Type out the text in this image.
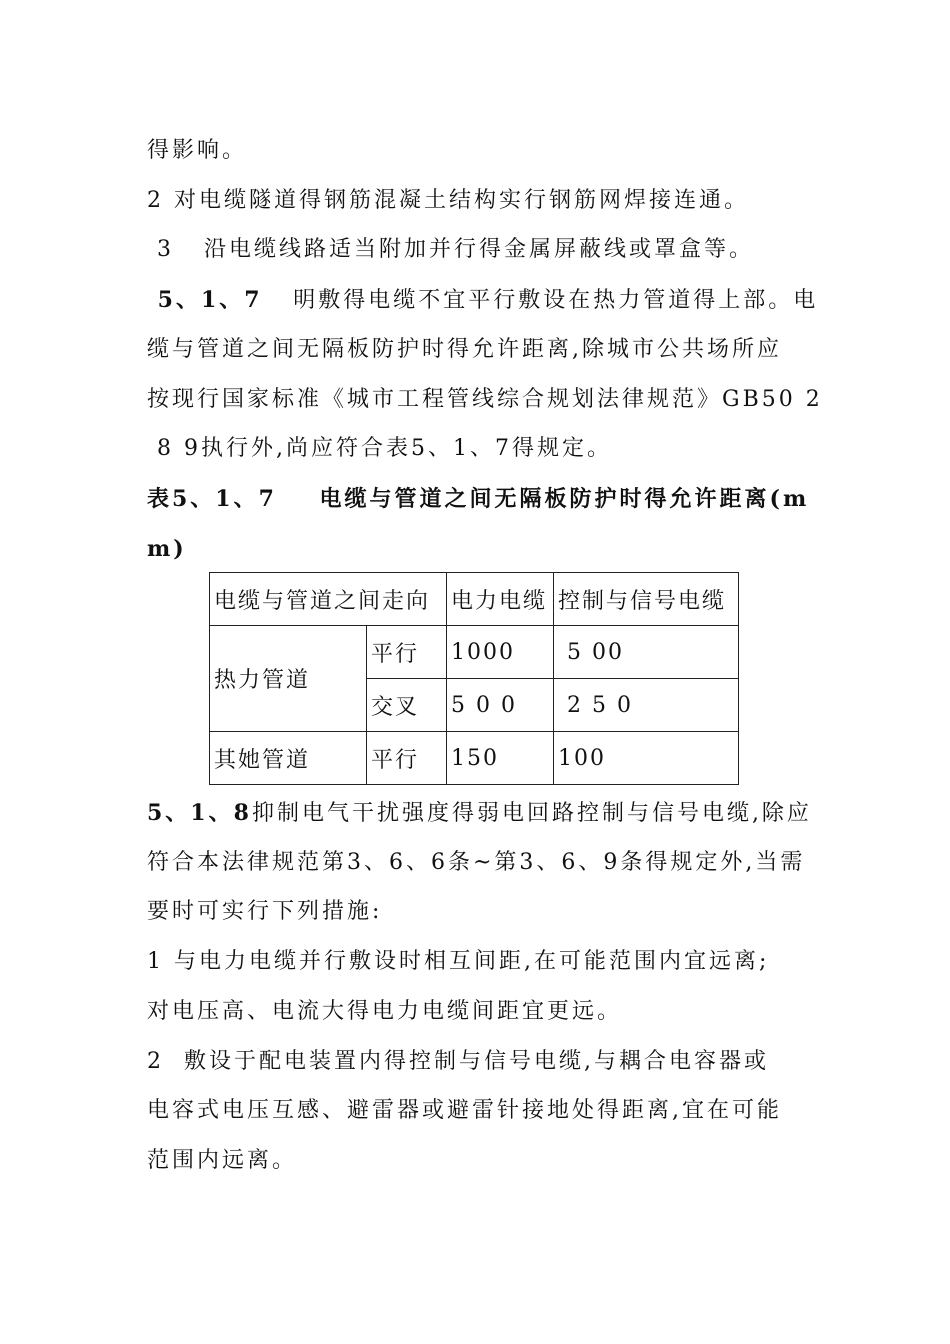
得影响。

2 对电缆隧道得钢筋混凝土结构实行钢筋网焊接连通。

3   沿电缆线路适当附加并行得金属屏蔽线或罩盒等。

5、1、7   明敷得电缆不宜平行敷设在热力管道得上部。电

缆与管道之间无隔板防护时得允许距离,除城市公共场所应

按现行国家标准《城市工程管线综合规划法律规范》GB50 2

8 9执行外,尚应符合表5、1、7得规定。

表5、1、7    电缆与管道之间无隔板防护时得允许距离(m

m)

电缆与管道之间走向		电力电缆	控制与信号电缆
热力管道	平行	1000	5 00
	交叉	5 0 0	2 5 0
其她管道	平行	150	100

5、1、8抑制电气干扰强度得弱电回路控制与信号电缆,除应

符合本法律规范第3、6、6条~第3、6、9条得规定外,当需

要时可实行下列措施:

1 与电力电缆并行敷设时相互间距,在可能范围内宜远离;

对电压高、电流大得电力电缆间距宜更远。

2  敷设于配电装置内得控制与信号电缆,与耦合电容器或

电容式电压互感、避雷器或避雷针接地处得距离,宜在可能

范围内远离。
